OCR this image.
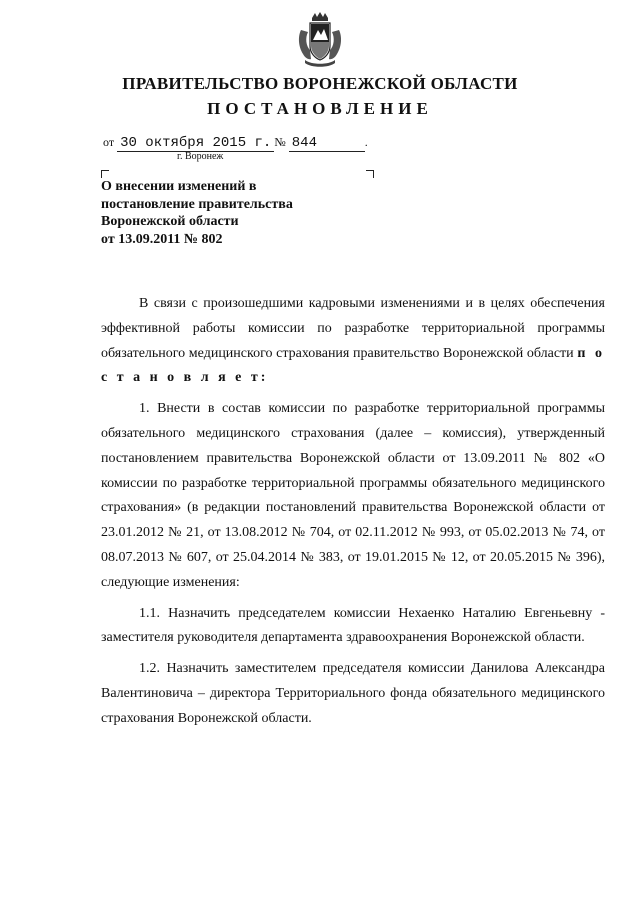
ПРАВИТЕЛЬСТВО ВОРОНЕЖСКОЙ ОБЛАСТИ
ПОСТАНОВЛЕНИЕ
от 30 октября 2015 г. № 844	.
г. Воронеж
О внесении изменений в
постановление правительства
Воронежской области
от 13.09.2011 № 802

В связи с произошедшими кадровыми изменениями и в целях обеспечения эффективной работы комиссии по разработке территориальной программы обязательного медицинского страхования правительство Воронежской области п о с т а н о в л я е т:

1. Внести в состав комиссии по разработке территориальной программы обязательного медицинского страхования (далее – комиссия), утвержденный постановлением правительства Воронежской области от 13.09.2011 № 802 «О комиссии по разработке территориальной программы обязательного медицинского страхования» (в редакции постановлений правительства Воронежской области от 23.01.2012 № 21, от 13.08.2012 № 704, от 02.11.2012 № 993, от 05.02.2013 № 74, от 08.07.2013 № 607, от 25.04.2014 № 383, от 19.01.2015 № 12, от 20.05.2015 № 396), следующие изменения:

1.1. Назначить председателем комиссии Нехаенко Наталию Евгеньевну - заместителя руководителя департамента здравоохранения Воронежской области.

1.2. Назначить заместителем председателя комиссии Данилова Александра Валентиновича – директора Территориального фонда обязательного медицинского страхования Воронежской области.
